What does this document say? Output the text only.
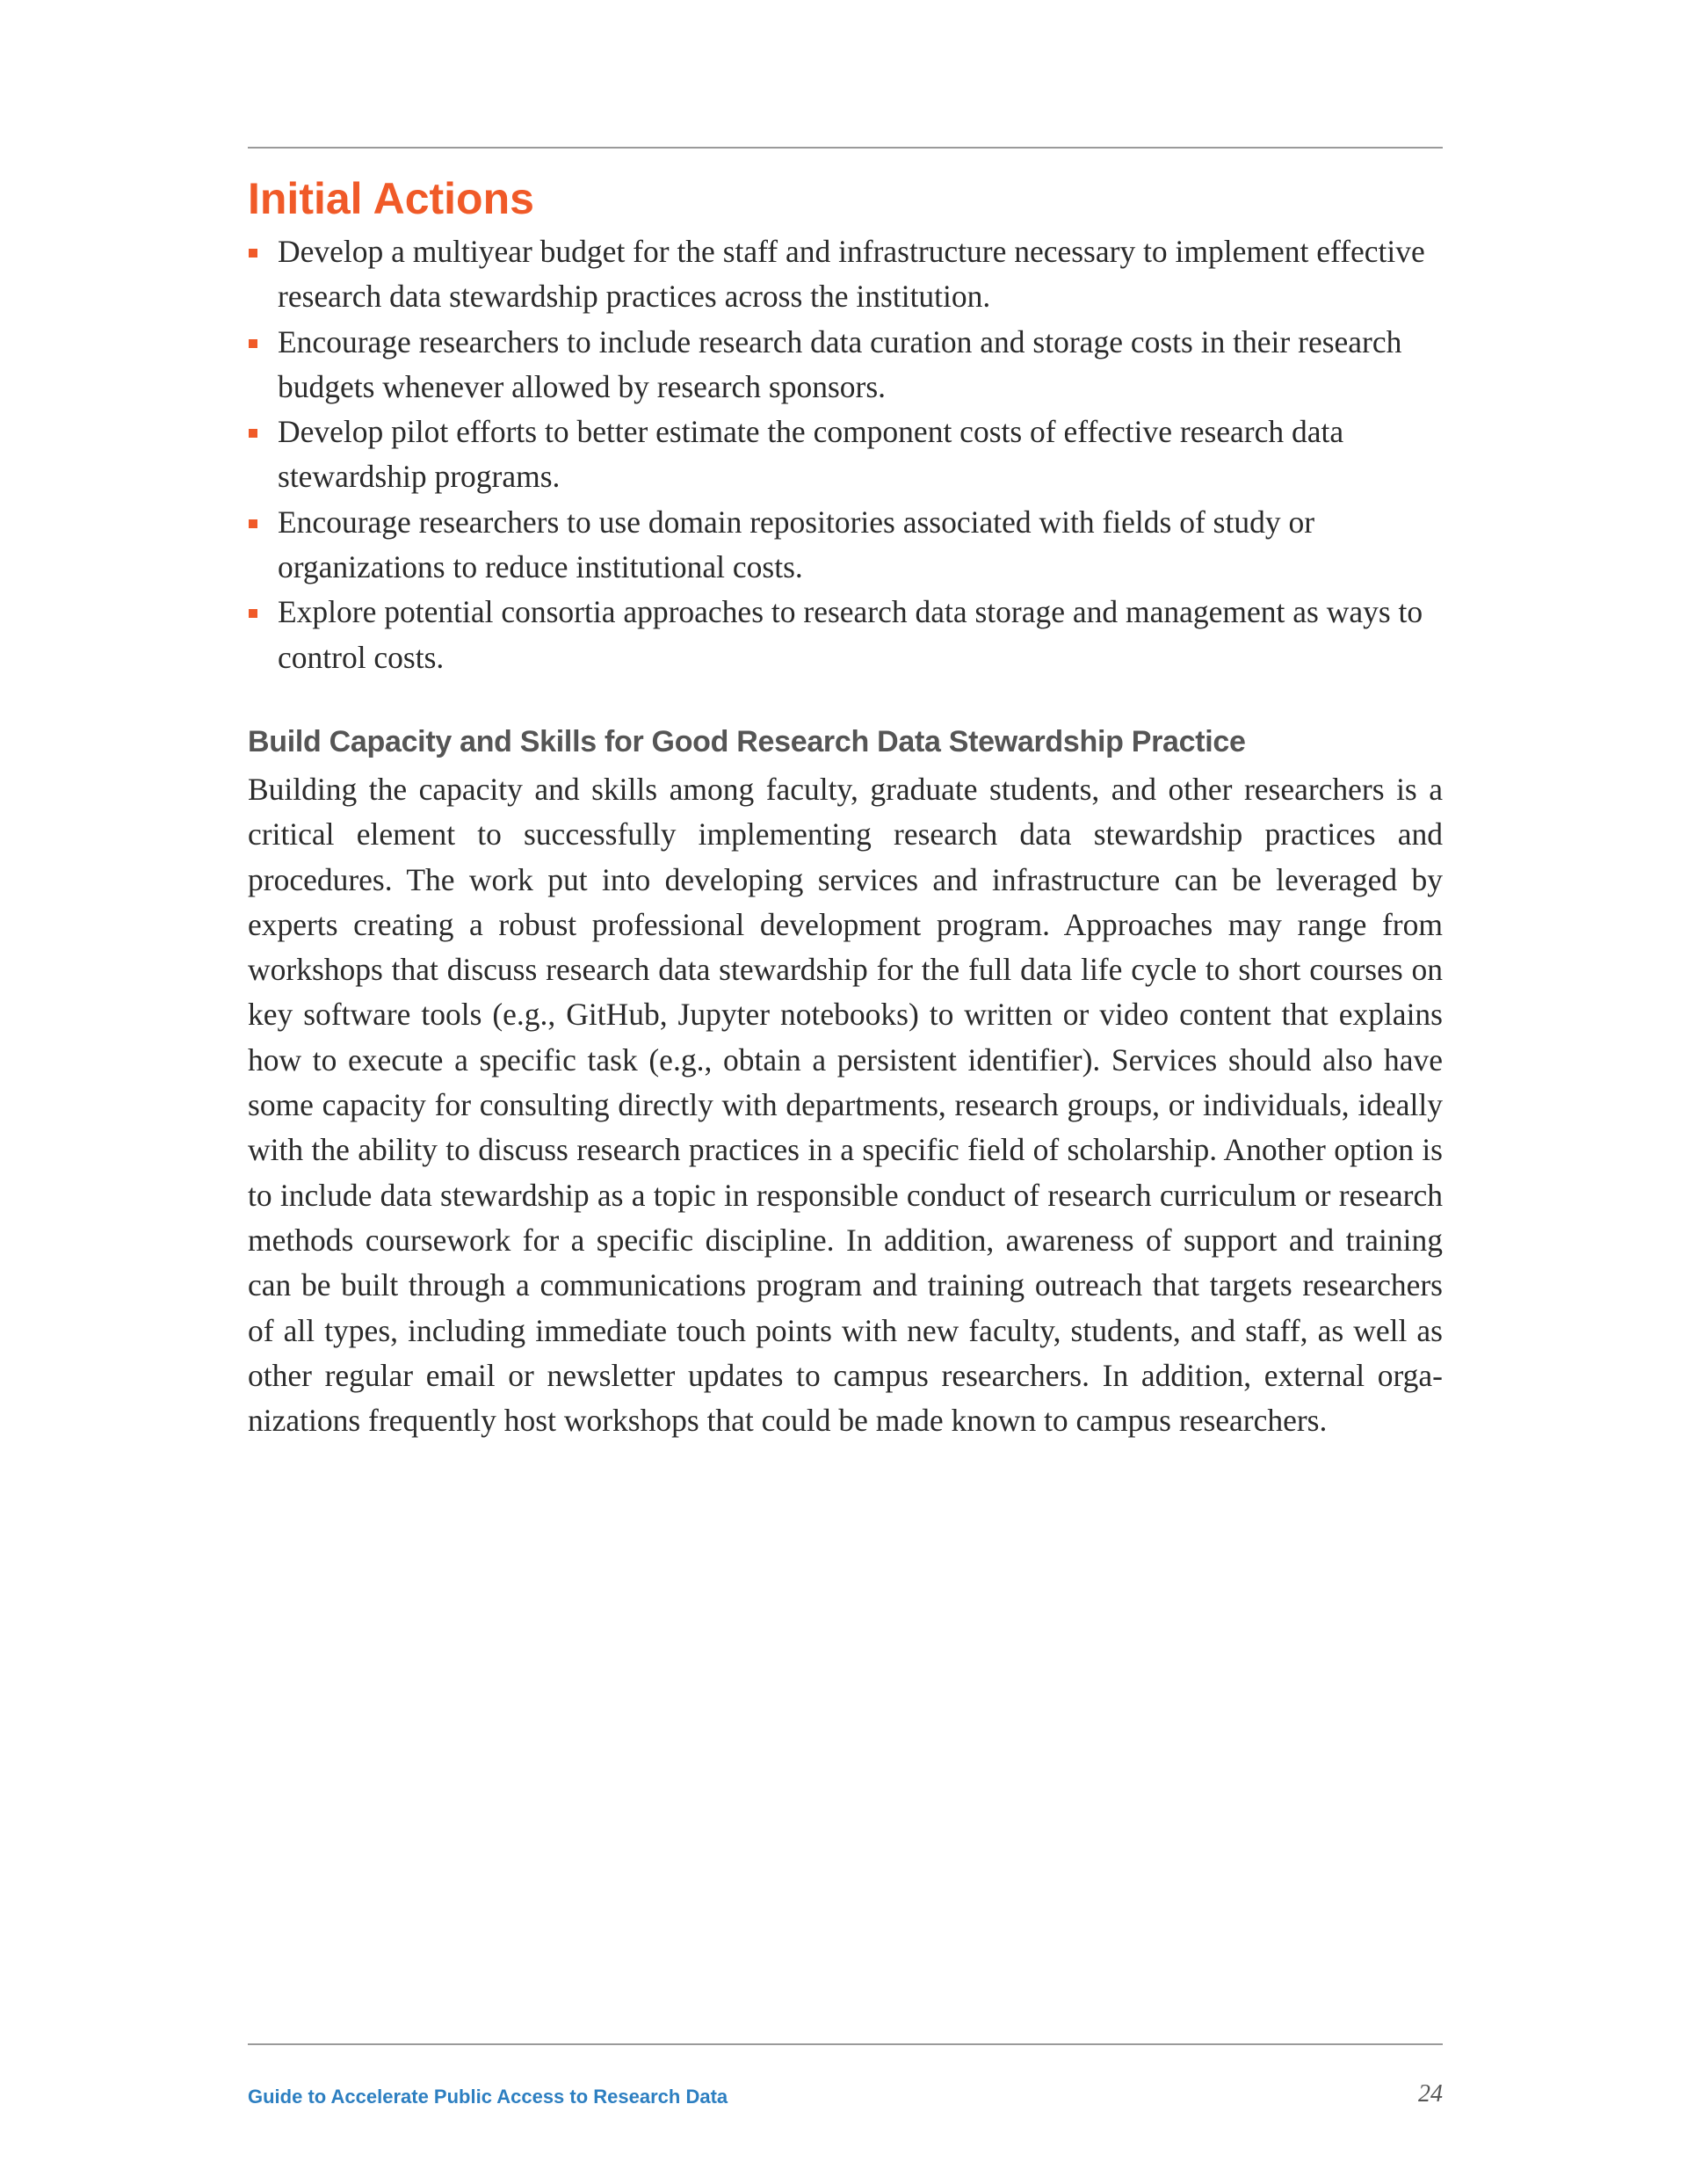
Initial Actions
Develop a multiyear budget for the staff and infrastructure necessary to implement effective research data stewardship practices across the institution.
Encourage researchers to include research data curation and storage costs in their research budgets whenever allowed by research sponsors.
Develop pilot efforts to better estimate the component costs of effective research data stewardship programs.
Encourage researchers to use domain repositories associated with fields of study or organizations to reduce institutional costs.
Explore potential consortia approaches to research data storage and management as ways to control costs.
Build Capacity and Skills for Good Research Data Stewardship Practice

Building the capacity and skills among faculty, graduate students, and other researchers is a critical element to successfully implementing research data stewardship practices and procedures. The work put into developing services and infrastructure can be leveraged by experts creating a robust professional development program. Approaches may range from workshops that discuss research data stewardship for the full data life cycle to short courses on key software tools (e.g., GitHub, Jupyter notebooks) to written or video content that explains how to execute a specific task (e.g., obtain a persistent identifier). Services should also have some capacity for consulting directly with departments, research groups, or individuals, ideally with the ability to discuss research practices in a specific field of scholarship. Another option is to include data stewardship as a topic in responsible conduct of research curriculum or research methods coursework for a specific discipline. In addition, awareness of support and training can be built through a communications program and training outreach that targets researchers of all types, including immediate touch points with new faculty, students, and staff, as well as other regular email or newsletter updates to campus researchers. In addition, external organizations frequently host workshops that could be made known to campus researchers.

Guide to Accelerate Public Access to Research Data	24
